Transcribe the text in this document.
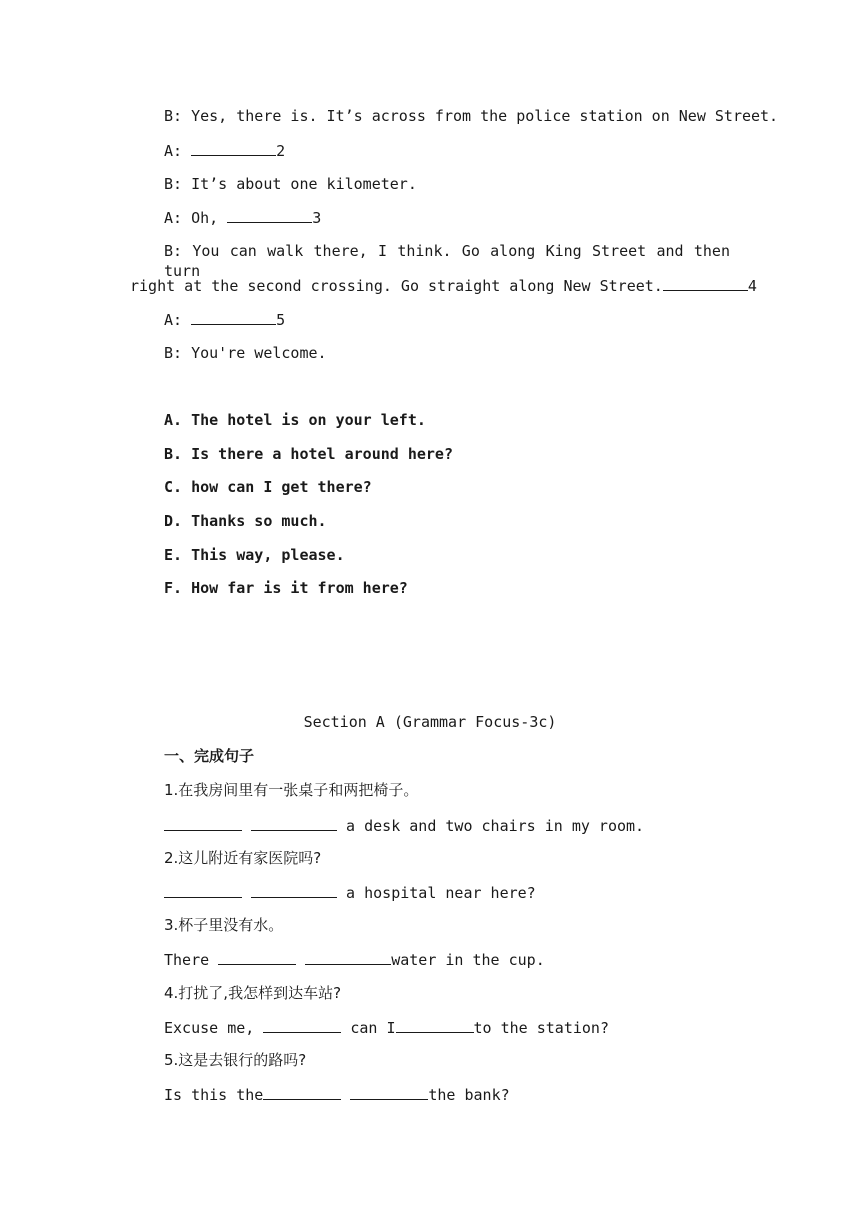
B: Yes, there is. It’s across from the police station on New Street.
A:	2
B: It’s about one kilometer.
A: Oh,	3
B: You can walk there, I think. Go along King Street and then turn
right at the second crossing. Go straight along New Street.	4
A:	5
B: You're welcome.
A. The hotel is on your left.
B. Is there a hotel around here?
C. how can I get there?
D. Thanks so much.
E. This way, please.
F. How far is it from here?
Section A (Grammar Focus-3c)
一、完成句子
1.在我房间里有一张桌子和两把椅子。
a desk and two chairs in my room.
2.这儿附近有家医院吗?
a hospital near here?
3.杯子里没有水。
There	water in the cup.
4.打扰了,我怎样到达车站?
Excuse me,	can I	to the station?
5.这是去银行的路吗?
Is this the	the bank?
